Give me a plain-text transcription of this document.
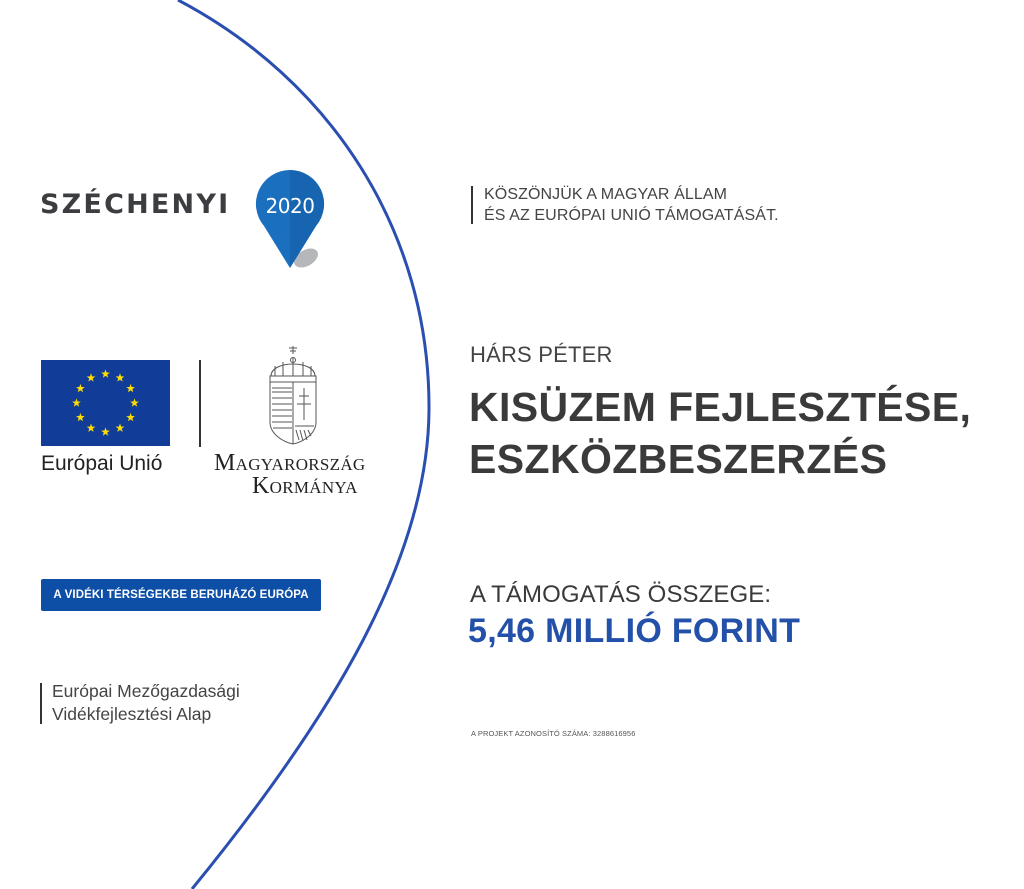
SZÉCHENYI 2020
Európai Unió MAGYARORSZÁG
KORMÁNYA
A VIDÉKI TÉRSÉGEKBE BERUHÁZÓ EURÓPA
Európai Mezőgazdasági
Vidékfejlesztési Alap
KÖSZÖNJÜK A MAGYAR ÁLLAM
ÉS AZ EURÓPAI UNIÓ TÁMOGATÁSÁT.
HÁRS PÉTER
KISÜZEM FEJLESZTÉSE,
ESZKÖZBESZERZÉS
A TÁMOGATÁS ÖSSZEGE:
5,46 MILLIÓ FORINT
A PROJEKT AZONOSÍTÓ SZÁMA: 3288616956
